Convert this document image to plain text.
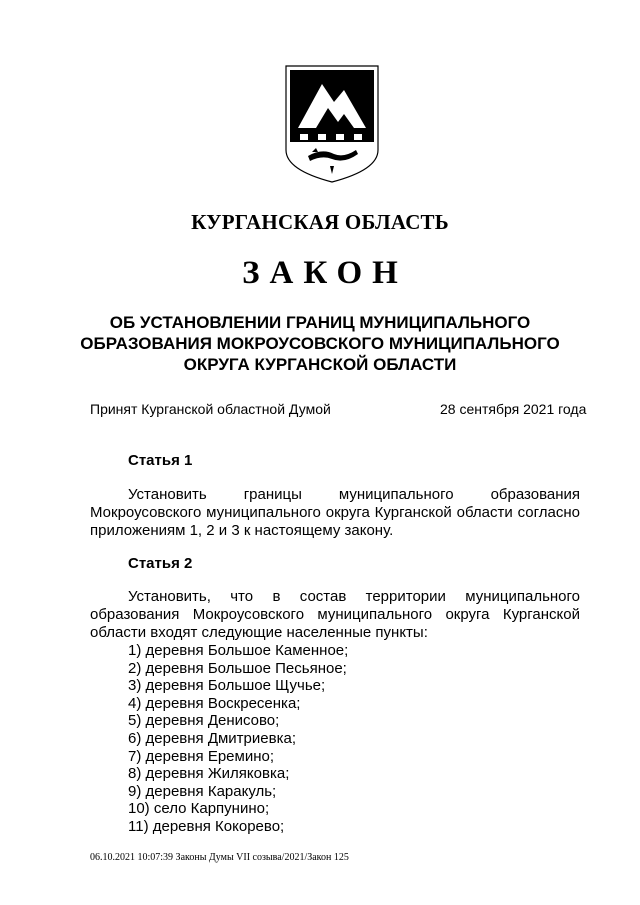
КУРГАНСКАЯ ОБЛАСТЬ
ЗАКОН
ОБ УСТАНОВЛЕНИИ ГРАНИЦ МУНИЦИПАЛЬНОГО
ОБРАЗОВАНИЯ МОКРОУСОВСКОГО МУНИЦИПАЛЬНОГО
ОКРУГА КУРГАНСКОЙ ОБЛАСТИ
Принят Курганской областной Думой	28 сентября 2021 года
Статья 1
Установить границы муниципального образования Мокроусовского муниципального округа Курганской области согласно приложениям 1, 2 и 3 к настоящему закону.
Статья 2
Установить, что в состав территории муниципального образования Мокроусовского муниципального округа Курганской области входят следующие населенные пункты:
1) деревня Большое Каменное;
2) деревня Большое Песьяное;
3) деревня Большое Щучье;
4) деревня Воскресенка;
5) деревня Денисово;
6) деревня Дмитриевка;
7) деревня Еремино;
8) деревня Жиляковка;
9) деревня Каракуль;
10) село Карпунино;
11) деревня Кокорево;
06.10.2021 10:07:39 Законы Думы VII созыва/2021/Закон 125
